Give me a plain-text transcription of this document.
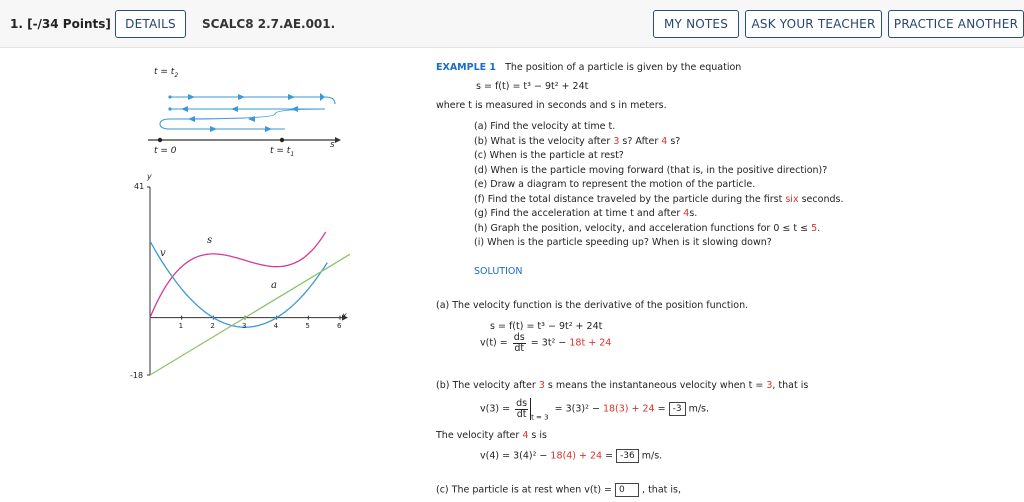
1. [-/34 Points]	DETAILS	SCALC8 2.7.AE.001.	MY NOTES	ASK YOUR TEACHER	PRACTICE ANOTHER
$t = t_2$
t = 0	$t = t_1$
s
y
41
-18
x
v
s
a
1	2	3	4	5	6
EXAMPLE 1 The position of a particle is given by the equation
s = f(t) = t³ − 9t² + 24t
where t is measured in seconds and s in meters.
(a) Find the velocity at time t.
(b) What is the velocity after 3 s? After 4 s?
(c) When is the particle at rest?
(d) When is the particle moving forward (that is, in the positive direction)?
(e) Draw a diagram to represent the motion of the particle.
(f) Find the total distance traveled by the particle during the first six seconds.
(g) Find the acceleration at time t and after 4s.
(h) Graph the position, velocity, and acceleration functions for 0 ≤ t ≤ 5.
(i) When is the particle speeding up? When is it slowing down?
SOLUTION
(a) The velocity function is the derivative of the position function.
s = f(t) = t³ − 9t² + 24t
$v(t) = \frac{ds}{dt} = 3t^2 - 18t + 24$
(b) The velocity after 3 s means the instantaneous velocity when t = 3, that is
$v(3) = \frac{ds}{dt} _{t = 3} = 3(3)^2 - 18(3) + 24 = -3$ m/s.
The velocity after 4 s is
v(4) = 3(4)² − 18(4) + 24 = -36 m/s.
(c) The particle is at rest when v(t) = 0 , that is,
